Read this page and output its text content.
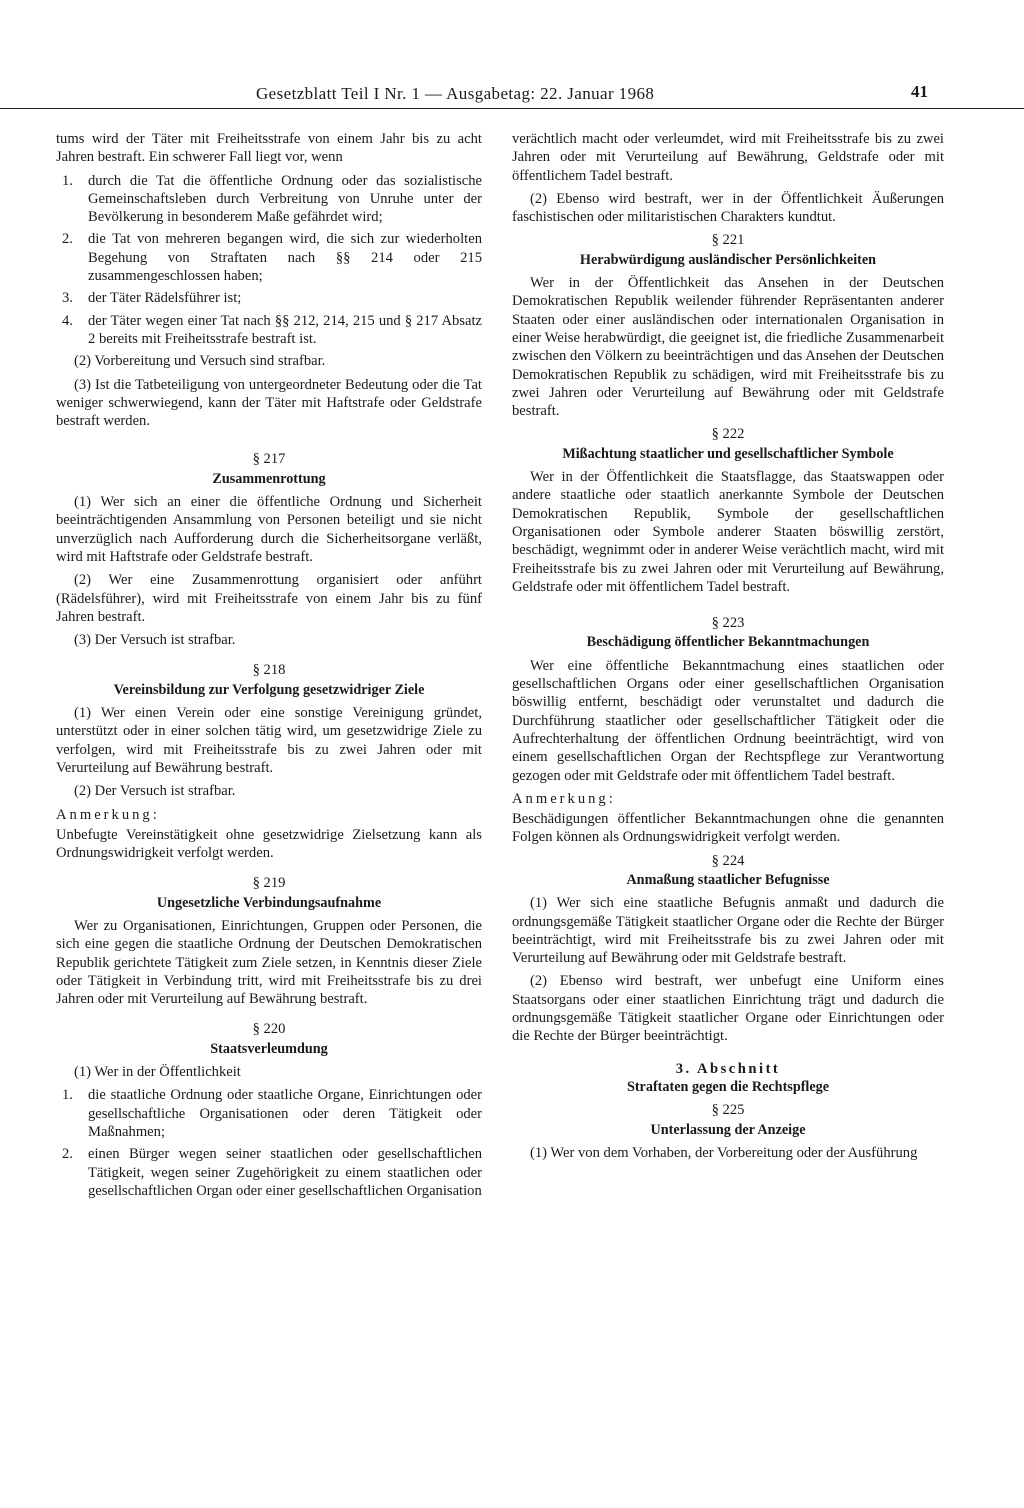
Gesetzblatt Teil I Nr. 1 — Ausgabetag: 22. Januar 1968	41

tums wird der Täter mit Freiheitsstrafe von einem Jahr bis zu acht Jahren bestraft. Ein schwerer Fall liegt vor, wenn

1.	durch die Tat die öffentliche Ordnung oder das sozialistische Gemeinschaftsleben durch Verbreitung von Unruhe unter der Bevölkerung in besonderem Maße gefährdet wird;
2.	die Tat von mehreren begangen wird, die sich zur wiederholten Begehung von Straftaten nach §§ 214 oder 215 zusammengeschlossen haben;
3.	der Täter Rädelsführer ist;
4.	der Täter wegen einer Tat nach §§ 212, 214, 215 und § 217 Absatz 2 bereits mit Freiheitsstrafe bestraft ist.

(2) Vorbereitung und Versuch sind strafbar.

(3) Ist die Tatbeteiligung von untergeordneter Bedeutung oder die Tat weniger schwerwiegend, kann der Täter mit Haftstrafe oder Geldstrafe bestraft werden.

§ 217
Zusammenrottung

(1) Wer sich an einer die öffentliche Ordnung und Sicherheit beeinträchtigenden Ansammlung von Personen beteiligt und sie nicht unverzüglich nach Aufforderung durch die Sicherheitsorgane verläßt, wird mit Haftstrafe oder Geldstrafe bestraft.

(2) Wer eine Zusammenrottung organisiert oder anführt (Rädelsführer), wird mit Freiheitsstrafe von einem Jahr bis zu fünf Jahren bestraft.

(3) Der Versuch ist strafbar.

§ 218
Vereinsbildung zur Verfolgung gesetzwidriger Ziele

(1) Wer einen Verein oder eine sonstige Vereinigung gründet, unterstützt oder in einer solchen tätig wird, um gesetzwidrige Ziele zu verfolgen, wird mit Freiheitsstrafe bis zu zwei Jahren oder mit Verurteilung auf Bewährung bestraft.

(2) Der Versuch ist strafbar.

Anmerkung:

Unbefugte Vereinstätigkeit ohne gesetzwidrige Zielsetzung kann als Ordnungswidrigkeit verfolgt werden.

§ 219
Ungesetzliche Verbindungsaufnahme

Wer zu Organisationen, Einrichtungen, Gruppen oder Personen, die sich eine gegen die staatliche Ordnung der Deutschen Demokratischen Republik gerichtete Tätigkeit zum Ziele setzen, in Kenntnis dieser Ziele oder Tätigkeit in Verbindung tritt, wird mit Freiheitsstrafe bis zu drei Jahren oder mit Verurteilung auf Bewährung bestraft.

§ 220
Staatsverleumdung

(1) Wer in der Öffentlichkeit

1.	die staatliche Ordnung oder staatliche Organe, Einrichtungen oder gesellschaftliche Organisationen oder deren Tätigkeit oder Maßnahmen;
2.	einen Bürger wegen seiner staatlichen oder gesellschaftlichen Tätigkeit, wegen seiner Zugehörigkeit zu einem staatlichen oder gesellschaftlichen Organ oder einer gesellschaftlichen Organisation

verächtlich macht oder verleumdet, wird mit Freiheitsstrafe bis zu zwei Jahren oder mit Verurteilung auf Bewährung, Geldstrafe oder mit öffentlichem Tadel bestraft.

(2) Ebenso wird bestraft, wer in der Öffentlichkeit Äußerungen faschistischen oder militaristischen Charakters kundtut.

§ 221
Herabwürdigung ausländischer Persönlichkeiten

Wer in der Öffentlichkeit das Ansehen in der Deutschen Demokratischen Republik weilender führender Repräsentanten anderer Staaten oder einer ausländischen oder internationalen Organisation in einer Weise herabwürdigt, die geeignet ist, die friedliche Zusammenarbeit zwischen den Völkern zu beeinträchtigen und das Ansehen der Deutschen Demokratischen Republik zu schädigen, wird mit Freiheitsstrafe bis zu zwei Jahren oder Verurteilung auf Bewährung oder mit Geldstrafe bestraft.

§ 222
Mißachtung staatlicher und gesellschaftlicher Symbole

Wer in der Öffentlichkeit die Staatsflagge, das Staatswappen oder andere staatliche oder staatlich anerkannte Symbole der Deutschen Demokratischen Republik, Symbole der gesellschaftlichen Organisationen oder Symbole anderer Staaten böswillig zerstört, beschädigt, wegnimmt oder in anderer Weise verächtlich macht, wird mit Freiheitsstrafe bis zu zwei Jahren oder mit Verurteilung auf Bewährung, Geldstrafe oder mit öffentlichem Tadel bestraft.

§ 223
Beschädigung öffentlicher Bekanntmachungen

Wer eine öffentliche Bekanntmachung eines staatlichen oder gesellschaftlichen Organs oder einer gesellschaftlichen Organisation böswillig entfernt, beschädigt oder verunstaltet und dadurch die Durchführung staatlicher oder gesellschaftlicher Tätigkeit oder die Aufrechterhaltung der öffentlichen Ordnung beeinträchtigt, wird von einem gesellschaftlichen Organ der Rechtspflege zur Verantwortung gezogen oder mit Geldstrafe oder mit öffentlichem Tadel bestraft.

Anmerkung:

Beschädigungen öffentlicher Bekanntmachungen ohne die genannten Folgen können als Ordnungswidrigkeit verfolgt werden.

§ 224
Anmaßung staatlicher Befugnisse

(1) Wer sich eine staatliche Befugnis anmaßt und dadurch die ordnungsgemäße Tätigkeit staatlicher Organe oder die Rechte der Bürger beeinträchtigt, wird mit Freiheitsstrafe bis zu zwei Jahren oder mit Verurteilung auf Bewährung oder mit Geldstrafe bestraft.

(2) Ebenso wird bestraft, wer unbefugt eine Uniform eines Staatsorgans oder einer staatlichen Einrichtung trägt und dadurch die ordnungsgemäße Tätigkeit staatlicher Organe oder Einrichtungen oder die Rechte der Bürger beeinträchtigt.

3. Abschnitt
Straftaten gegen die Rechtspflege
§ 225
Unterlassung der Anzeige

(1) Wer von dem Vorhaben, der Vorbereitung oder der Ausführung
